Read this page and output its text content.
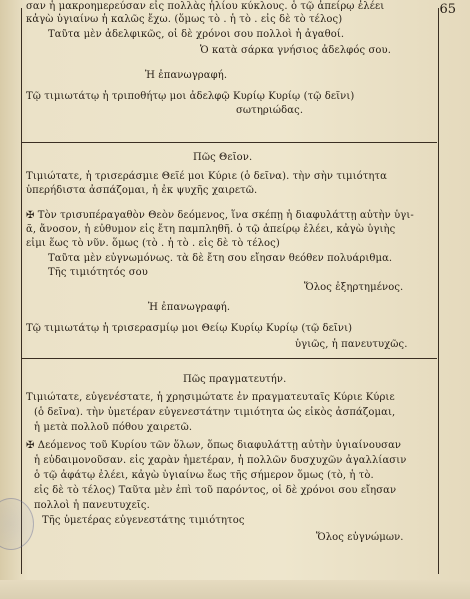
65
σαν ἡ μακροημερεύσαν εἰς πολλὰς ἡλίου κύκλους. ὁ τῷ ἀπείρῳ ἐλέει
κἀγὼ ὑγιαίνω ἡ καλῶς ἔχω. (ὅμως τὸ . ἡ τὸ . εἰς δὲ τὸ τέλος)
Ταῦτα μὲν ἀδελφικῶς, οἱ δὲ χρόνοι σου πολλοὶ ἡ ἀγαθοί.
Ὁ κατὰ σάρκα γνήσιος ἀδελφός σου.
Ἡ ἐπανωγραφή.
Τῷ τιμιωτάτῳ ἡ τριποθήτῳ μοι ἀδελφῷ Κυρίῳ Κυρίῳ (τῷ δεῖνι)
σωτηριώδας.
Πῶς Θεῖον.
Τιμιώτατε, ἡ τρισεράσμιε Θεῖέ μοι Κύριε (ὁ δεῖνα). τὴν σὴν τιμιότητα
ὑπερήδιστα ἀσπάζομαι, ἡ ἐκ ψυχῆς χαιρετῶ.
✠ Τὸν τρισυπέραγαθὸν Θεὸν δεόμενος, ἵνα σκέπῃ ἡ διαφυλάττῃ αὐτὴν ὑγι-
ᾶ, ἄνοσον, ἡ εὐθυμον εἰς ἔτη παμπληθῆ. ὁ τῷ ἀπείρῳ ἐλέει, κἀγὼ ὑγιὴς
εἰμι ἕως τὸ νῦν. ὅμως (τὸ . ἡ τὸ . εἰς δὲ τὸ τέλος)
Ταῦτα μὲν εὐγνωμόνως. τὰ δὲ ἔτη σου εἴησαν θεόθεν πολυάριθμα.
Τῆς τιμιότητός σου
Ὅλος ἐξηρτημένος.
Ἡ ἐπανωγραφή.
Τῷ τιμιωτάτῳ ἡ τρισερασμίῳ μοι Θείῳ Κυρίῳ Κυρίῳ (τῷ δεῖνι)
ὑγιῶς, ἡ πανευτυχῶς.
Πῶς πραγματευτήν.
Τιμιώτατε, εὐγενέστατε, ἡ χρησιμώτατε ἐν πραγματευταῖς Κύριε Κύριε
(ὁ δεῖνα). τὴν ὑμετέραν εὐγενεστάτην τιμιότητα ὡς εἰκὸς ἀσπάζομαι,
ἡ μετὰ πολλοῦ πόθου χαιρετῶ.
✠ Δεόμενος τοῦ Κυρίου τῶν ὅλων, ὅπως διαφυλάττῃ αὐτὴν ὑγιαίνουσαν
ἡ εὐδαιμονοῦσαν. εἰς χαρὰν ἡμετέραν, ἡ πολλῶν δυσχυχῶν ἀγαλλίασιν
ὁ τῷ ἀφάτῳ ἐλέει, κἀγὼ ὑγιαίνω ἕως τῆς σήμερον ὅμως (τὸ, ἡ τὸ.
εἰς δὲ τὸ τέλος) Ταῦτα μὲν ἐπὶ τοῦ παρόντος, οἱ δὲ χρόνοι σου εἴησαν
πολλοὶ ἡ πανευτυχεῖς.
Τῆς ὑμετέρας εὐγενεστάτης τιμιότητος
Ὅλος εὐγνώμων.
